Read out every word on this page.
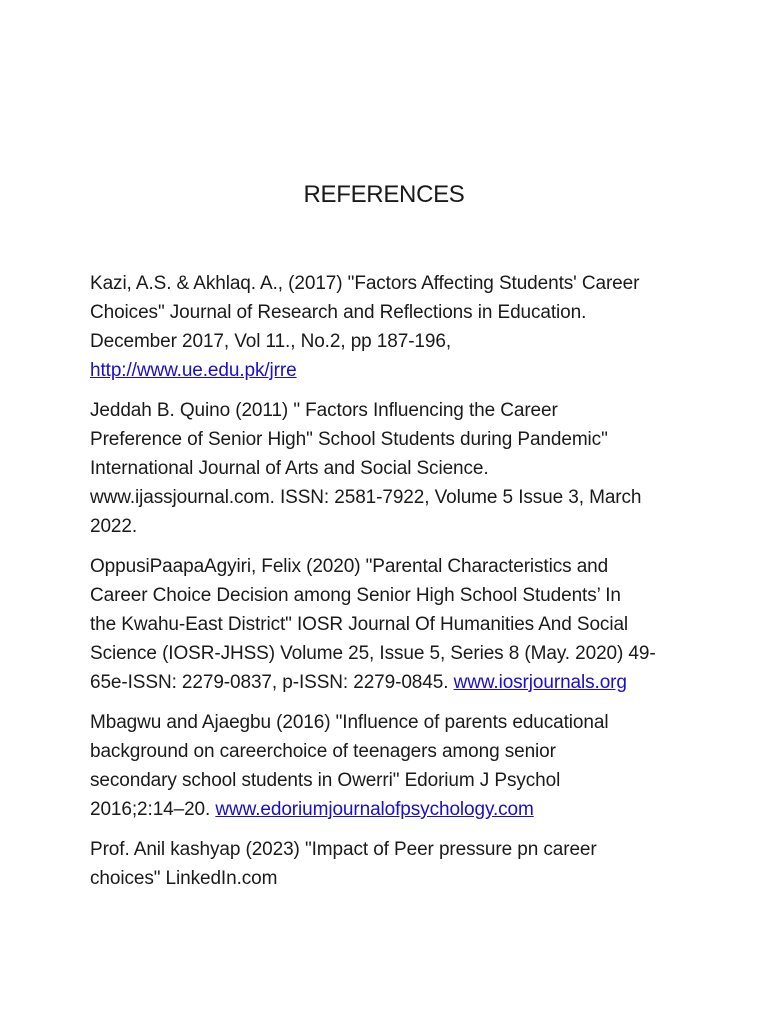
REFERENCES
Kazi, A.S. & Akhlaq. A., (2017) "Factors Affecting Students' Career
Choices" Journal of Research and Reflections in Education.
December 2017, Vol 11., No.2, pp 187-196,
http://www.ue.edu.pk/jrre
Jeddah B. Quino (2011) " Factors Influencing the Career
Preference of Senior High" School Students during Pandemic"
International Journal of Arts and Social Science.
www.ijassjournal.com. ISSN: 2581-7922, Volume 5 Issue 3, March
2022.
OppusiPaapaAgyiri, Felix (2020) "Parental Characteristics and
Career Choice Decision among Senior High School Students’ In
the Kwahu-East District" IOSR Journal Of Humanities And Social
Science (IOSR-JHSS) Volume 25, Issue 5, Series 8 (May. 2020) 49-
65e-ISSN: 2279-0837, p-ISSN: 2279-0845. www.iosrjournals.org
Mbagwu and Ajaegbu (2016) "Influence of parents educational
background on careerchoice of teenagers among senior
secondary school students in Owerri" Edorium J Psychol
2016;2:14–20. www.edoriumjournalofpsychology.com
Prof. Anil kashyap (2023) "Impact of Peer pressure pn career
choices" LinkedIn.com
